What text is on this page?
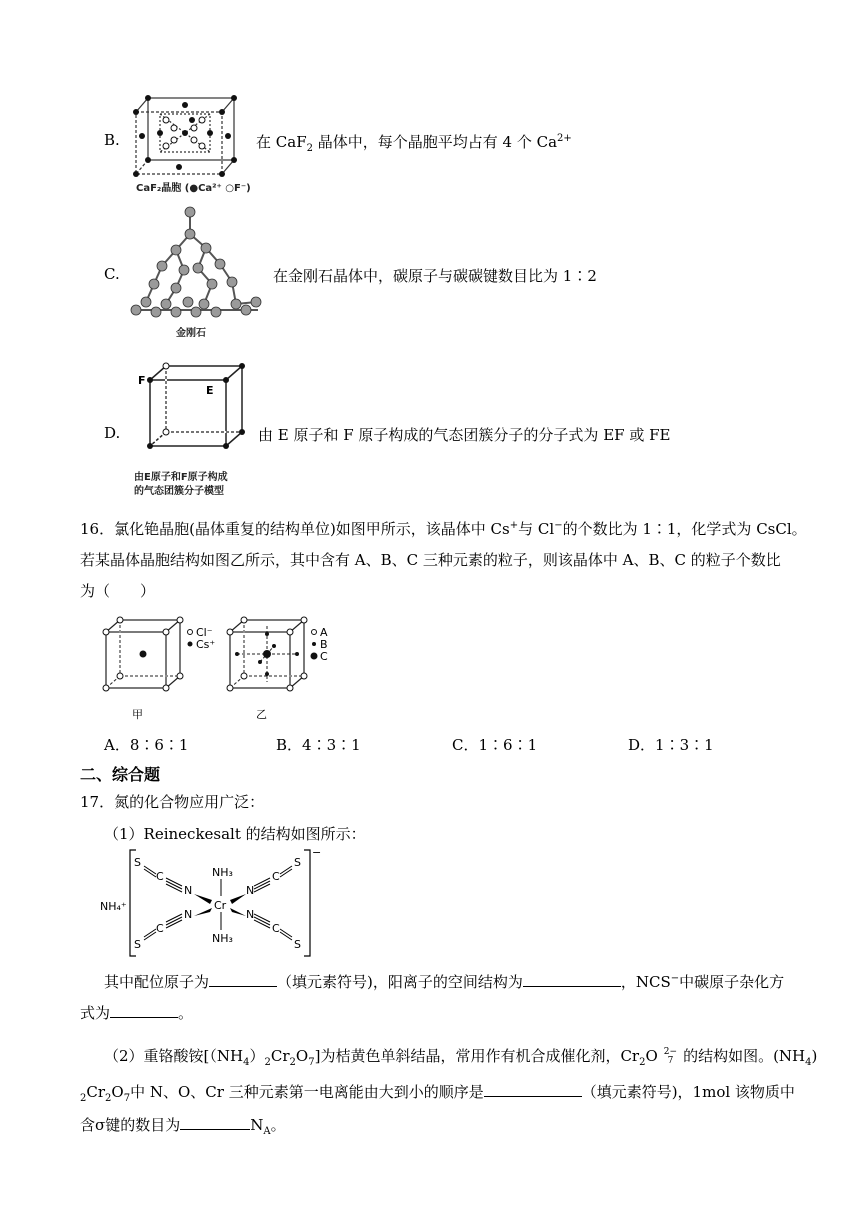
B.
CaF₂晶胞 (●Ca²⁺ ○F⁻)
在 CaF$_2$ 晶体中，每个晶胞平均占有 4 个 $Ca^{2+}$
C.
金刚石
在金刚石晶体中，碳原子与碳碳键数目比为 1∶2
D.
F
E
由E原子和F原子构成
的气态团簇分子模型
由 E 原子和 F 原子构成的气态团簇分子的分子式为 EF 或 FE
16．氯化铯晶胞(晶体重复的结构单位)如图甲所示，该晶体中 Cs+与 Cl−的个数比为 1∶1，化学式为 CsCl。
若某晶体晶胞结构如图乙所示，其中含有 A、B、C 三种元素的粒子，则该晶体中 A、B、C 的粒子个数比
为（　　）
Cl⁻
Cs⁺
甲
A
B
C
乙
A．8∶6∶1	B．4∶3∶1	C．1∶6∶1	D．1∶3∶1
二、综合题
17．氮的化合物应用广泛：
（1）Reineckesalt 的结构如图所示：
NH₄⁺
−
Cr
NH₃
NH₃
S
C
N
S
C
N
N
C
S
N
C
S
其中配位原子为	（填元素符号)，阳离子的空间结构为	，NCS−中碳原子杂化方
式为	。
（2）重铬酸铵$[(NH_4)_2Cr_2O_7]$为桔黄色单斜结晶，常用作有机合成催化剂，$Cr_2O$ 2−
7 的结构如图。$(NH_4)$
$_2Cr_2O_7$中 N、O、Cr 三种元素第一电离能由大到小的顺序是	（填元素符号)，1mol 该物质中
含σ键的数目为	$N_A$。
